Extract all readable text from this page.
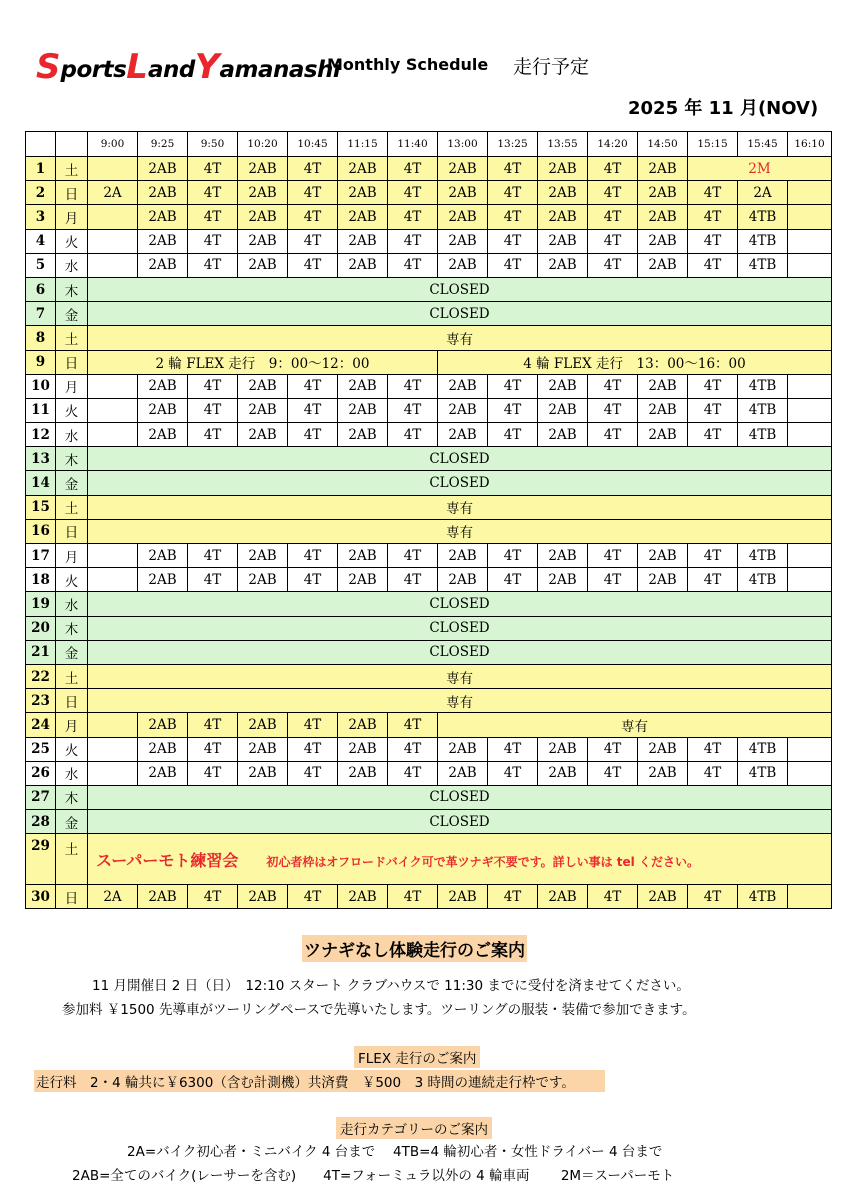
S ports L and Y amanashi
Monthly Schedule 走行予定
2025 年 11 月(NOV)
		9:00	9:25	9:50	10:20	10:45	11:15	11:40	13:00	13:25	13:55	14:20	14:50	15:15	15:45	16:10
1	土		2AB	4T	2AB	4T	2AB	4T	2AB	4T	2AB	4T	2AB	2M		
2	日	2A	2AB	4T	2AB	4T	2AB	4T	2AB	4T	2AB	4T	2AB	4T	2A	
3	月		2AB	4T	2AB	4T	2AB	4T	2AB	4T	2AB	4T	2AB	4T	4TB	
4	火		2AB	4T	2AB	4T	2AB	4T	2AB	4T	2AB	4T	2AB	4T	4TB	
5	水		2AB	4T	2AB	4T	2AB	4T	2AB	4T	2AB	4T	2AB	4T	4TB	
6	木	CLOSED														
7	金	CLOSED														
8	土	専有														
9	日	2 輪 FLEX 走行　9：00～12：00							4 輪 FLEX 走行　13：00～16：00							
10	月		2AB	4T	2AB	4T	2AB	4T	2AB	4T	2AB	4T	2AB	4T	4TB	
11	火		2AB	4T	2AB	4T	2AB	4T	2AB	4T	2AB	4T	2AB	4T	4TB	
12	水		2AB	4T	2AB	4T	2AB	4T	2AB	4T	2AB	4T	2AB	4T	4TB	
13	木	CLOSED														
14	金	CLOSED														
15	土	専有														
16	日	専有														
17	月		2AB	4T	2AB	4T	2AB	4T	2AB	4T	2AB	4T	2AB	4T	4TB	
18	火		2AB	4T	2AB	4T	2AB	4T	2AB	4T	2AB	4T	2AB	4T	4TB	
19	水	CLOSED														
20	木	CLOSED														
21	金	CLOSED														
22	土	専有														
23	日	専有														
24	月		2AB	4T	2AB	4T	2AB	4T	専有							
25	火		2AB	4T	2AB	4T	2AB	4T	2AB	4T	2AB	4T	2AB	4T	4TB	
26	水		2AB	4T	2AB	4T	2AB	4T	2AB	4T	2AB	4T	2AB	4T	4TB	
27	木	CLOSED														
28	金	CLOSED														
29	土	スーパーモト練習会 初心者枠はオフロードバイク可で革ツナギ不要です。詳しい事は tel ください。														
30	日	2A	2AB	4T	2AB	4T	2AB	4T	2AB	4T	2AB	4T	2AB	4T	4TB	
ツナギなし体験走行のご案内
11 月開催日 2 日（日）　12:10 スタート クラブハウスで 11:30 までに受付を済ませてください。
参加料 ￥1500 先導車がツーリングペースで先導いたします。ツーリングの服装・装備で参加できます。
FLEX 走行のご案内
走行料　2・4 輪共に￥6300（含む計測機）共済費　￥500　3 時間の連続走行枠です。
走行カテゴリーのご案内
2A=バイク初心者・ミニバイク 4 台まで　 4TB=4 輪初心者・女性ドライバー 4 台まで
2AB=全てのバイク(レーサーを含む)　　4T=フォーミュラ以外の 4 輪車両　　 2M＝スーパーモト
